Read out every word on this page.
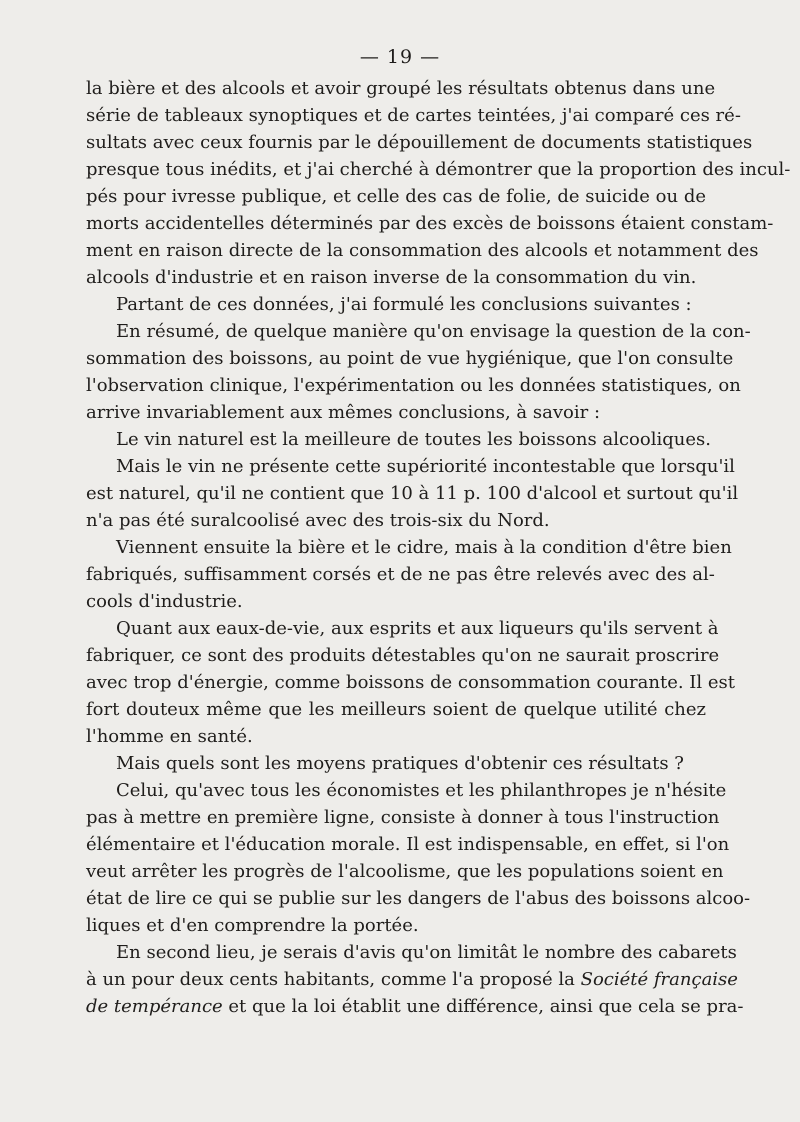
— 19 —
la bière et des alcools et avoir groupé les résultats obtenus dans une
série de tableaux synoptiques et de cartes teintées, j'ai comparé ces ré-
sultats avec ceux fournis par le dépouillement de documents statistiques
presque tous inédits, et j'ai cherché à démontrer que la proportion des incul-
pés pour ivresse publique, et celle des cas de folie, de suicide ou de
morts accidentelles déterminés par des excès de boissons étaient constam-
ment en raison directe de la consommation des alcools et notamment des
alcools d'industrie et en raison inverse de la consommation du vin.
Partant de ces données, j'ai formulé les conclusions suivantes :
En résumé, de quelque manière qu'on envisage la question de la con-
sommation des boissons, au point de vue hygiénique, que l'on consulte
l'observation clinique, l'expérimentation ou les données statistiques, on
arrive invariablement aux mêmes conclusions, à savoir :
Le vin naturel est la meilleure de toutes les boissons alcooliques.
Mais le vin ne présente cette supériorité incontestable que lorsqu'il
est naturel, qu'il ne contient que 10 à 11 p. 100 d'alcool et surtout qu'il
n'a pas été suralcoolisé avec des trois-six du Nord.
Viennent ensuite la bière et le cidre, mais à la condition d'être bien
fabriqués, suffisamment corsés et de ne pas être relevés avec des al-
cools d'industrie.
Quant aux eaux-de-vie, aux esprits et aux liqueurs qu'ils servent à
fabriquer, ce sont des produits détestables qu'on ne saurait proscrire
avec trop d'énergie, comme boissons de consommation courante. Il est
fort douteux même que les meilleurs soient de quelque utilité chez
l'homme en santé.
Mais quels sont les moyens pratiques d'obtenir ces résultats ?
Celui, qu'avec tous les économistes et les philanthropes je n'hésite
pas à mettre en première ligne, consiste à donner à tous l'instruction
élémentaire et l'éducation morale. Il est indispensable, en effet, si l'on
veut arrêter les progrès de l'alcoolisme, que les populations soient en
état de lire ce qui se publie sur les dangers de l'abus des boissons alcoo-
liques et d'en comprendre la portée.
En second lieu, je serais d'avis qu'on limitât le nombre des cabarets
à un pour deux cents habitants, comme l'a proposé la Société française
de tempérance et que la loi établit une différence, ainsi que cela se pra-
